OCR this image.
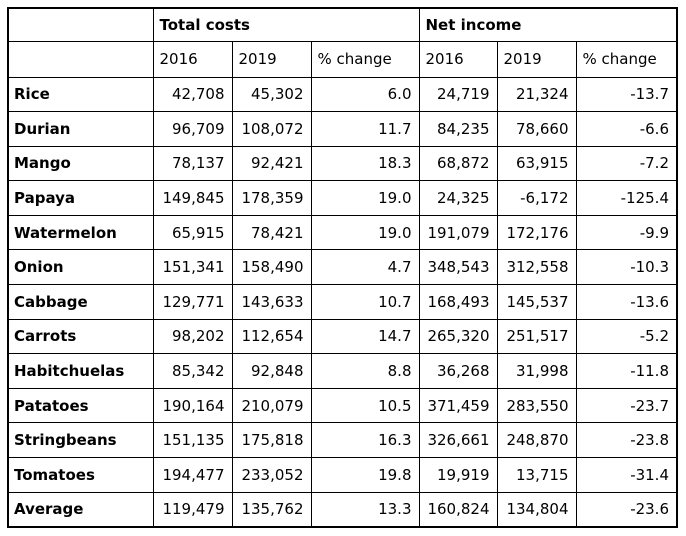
	Total costs			Net income		
	2016	2019	% change	2016	2019	% change
Rice	42,708	45,302	6.0	24,719	21,324	-13.7
Durian	96,709	108,072	11.7	84,235	78,660	-6.6
Mango	78,137	92,421	18.3	68,872	63,915	-7.2
Papaya	149,845	178,359	19.0	24,325	-6,172	-125.4
Watermelon	65,915	78,421	19.0	191,079	172,176	-9.9
Onion	151,341	158,490	4.7	348,543	312,558	-10.3
Cabbage	129,771	143,633	10.7	168,493	145,537	-13.6
Carrots	98,202	112,654	14.7	265,320	251,517	-5.2
Habitchuelas	85,342	92,848	8.8	36,268	31,998	-11.8
Patatoes	190,164	210,079	10.5	371,459	283,550	-23.7
Stringbeans	151,135	175,818	16.3	326,661	248,870	-23.8
Tomatoes	194,477	233,052	19.8	19,919	13,715	-31.4
Average	119,479	135,762	13.3	160,824	134,804	-23.6
